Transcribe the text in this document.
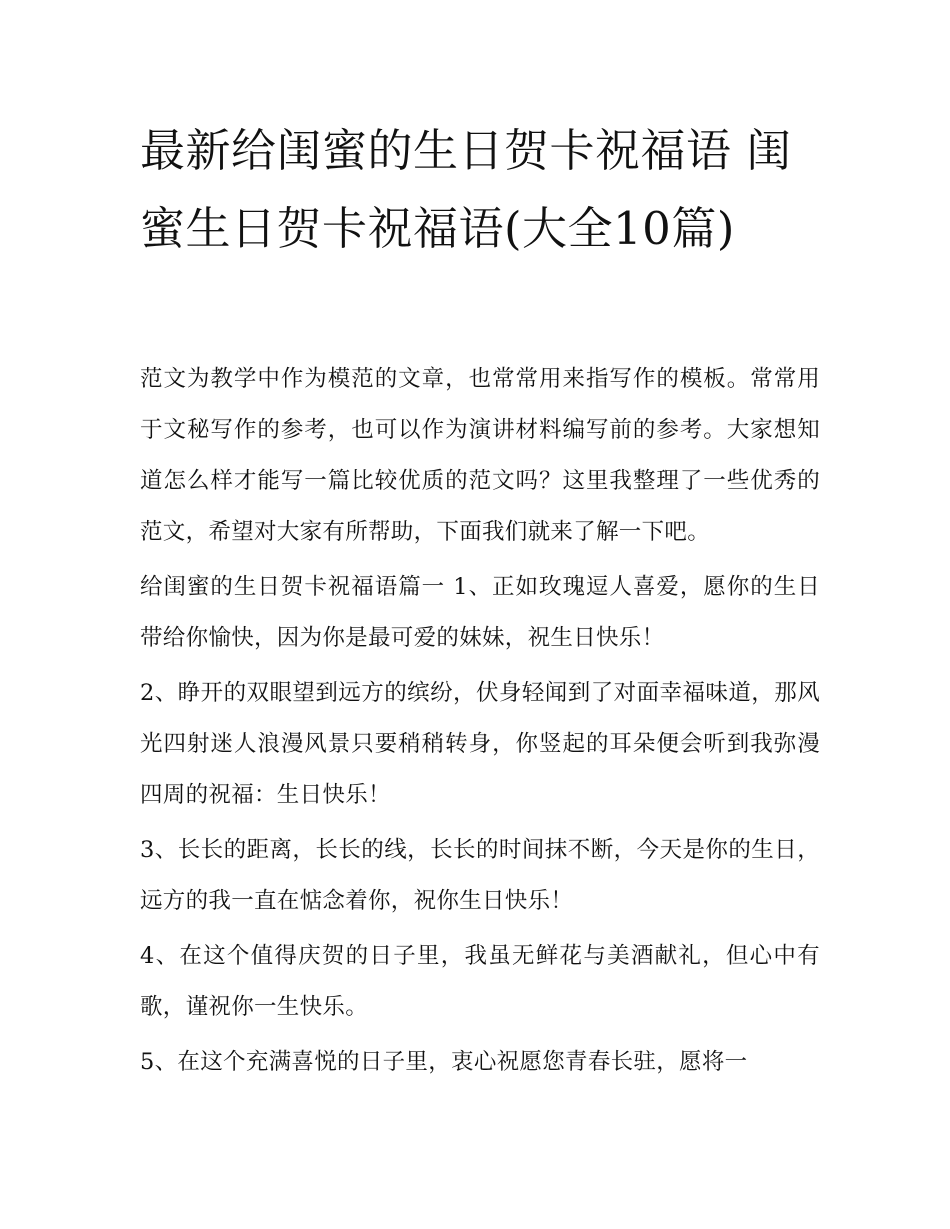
最新给闺蜜的生日贺卡祝福语 闺蜜生日贺卡祝福语(大全10篇)

范文为教学中作为模范的文章，也常常用来指写作的模板。常常用于文秘写作的参考，也可以作为演讲材料编写前的参考。大家想知道怎么样才能写一篇比较优质的范文吗？这里我整理了一些优秀的范文，希望对大家有所帮助，下面我们就来了解一下吧。

给闺蜜的生日贺卡祝福语篇一 1、正如玫瑰逗人喜爱，愿你的生日带给你愉快，因为你是最可爱的妹妹，祝生日快乐！

2、睁开的双眼望到远方的缤纷，伏身轻闻到了对面幸福味道，那风光四射迷人浪漫风景只要稍稍转身，你竖起的耳朵便会听到我弥漫四周的祝福：生日快乐！

3、长长的距离，长长的线，长长的时间抹不断，今天是你的生日，远方的我一直在惦念着你，祝你生日快乐！

4、在这个值得庆贺的日子里，我虽无鲜花与美酒献礼，但心中有歌，谨祝你一生快乐。

5、在这个充满喜悦的日子里，衷心祝愿您青春长驻，愿将一
